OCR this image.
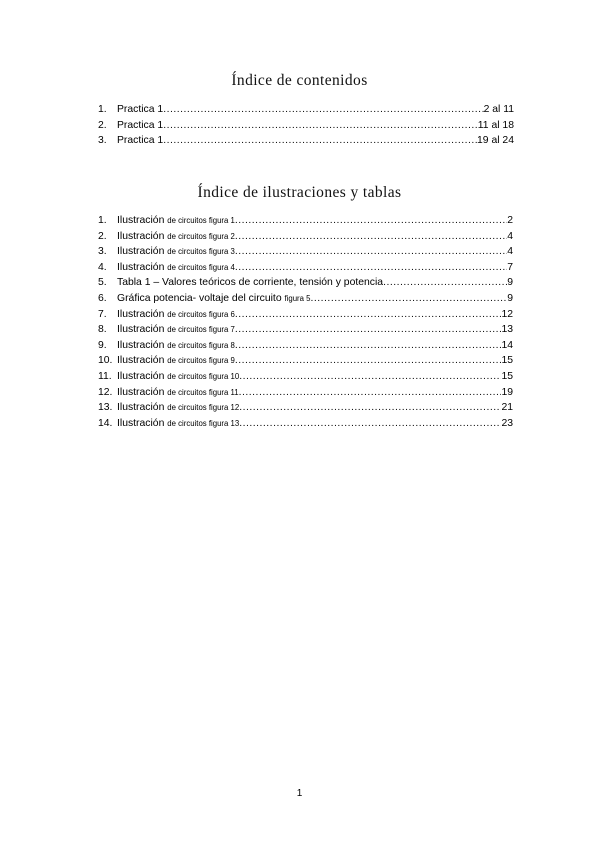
Índice de contenidos
1. Practica 1 .....	2 al 11
2. Practica 1 .....	11 al 18
3. Practica 1 .....	19 al 24
Índice de ilustraciones y tablas
1. Ilustración de circuitos figura 1 .....	2
2. Ilustración de circuitos figura 2 .....	4
3. Ilustración de circuitos figura 3 .....	4
4. Ilustración de circuitos figura 4 .....	7
5. Tabla 1 – Valores teóricos de corriente, tensión y potencia .....	9
6. Gráfica potencia- voltaje del circuito figura 5 .....	9
7. Ilustración de circuitos figura 6 .....	12
8. Ilustración de circuitos figura 7 .....	13
9. Ilustración de circuitos figura 8 .....	14
10. Ilustración de circuitos figura 9 .....	15
11. Ilustración de circuitos figura 10 .....	15
12. Ilustración de circuitos figura 11 .....	19
13. Ilustración de circuitos figura 12 .....	21
14. Ilustración de circuitos figura 13 .....	23
1
